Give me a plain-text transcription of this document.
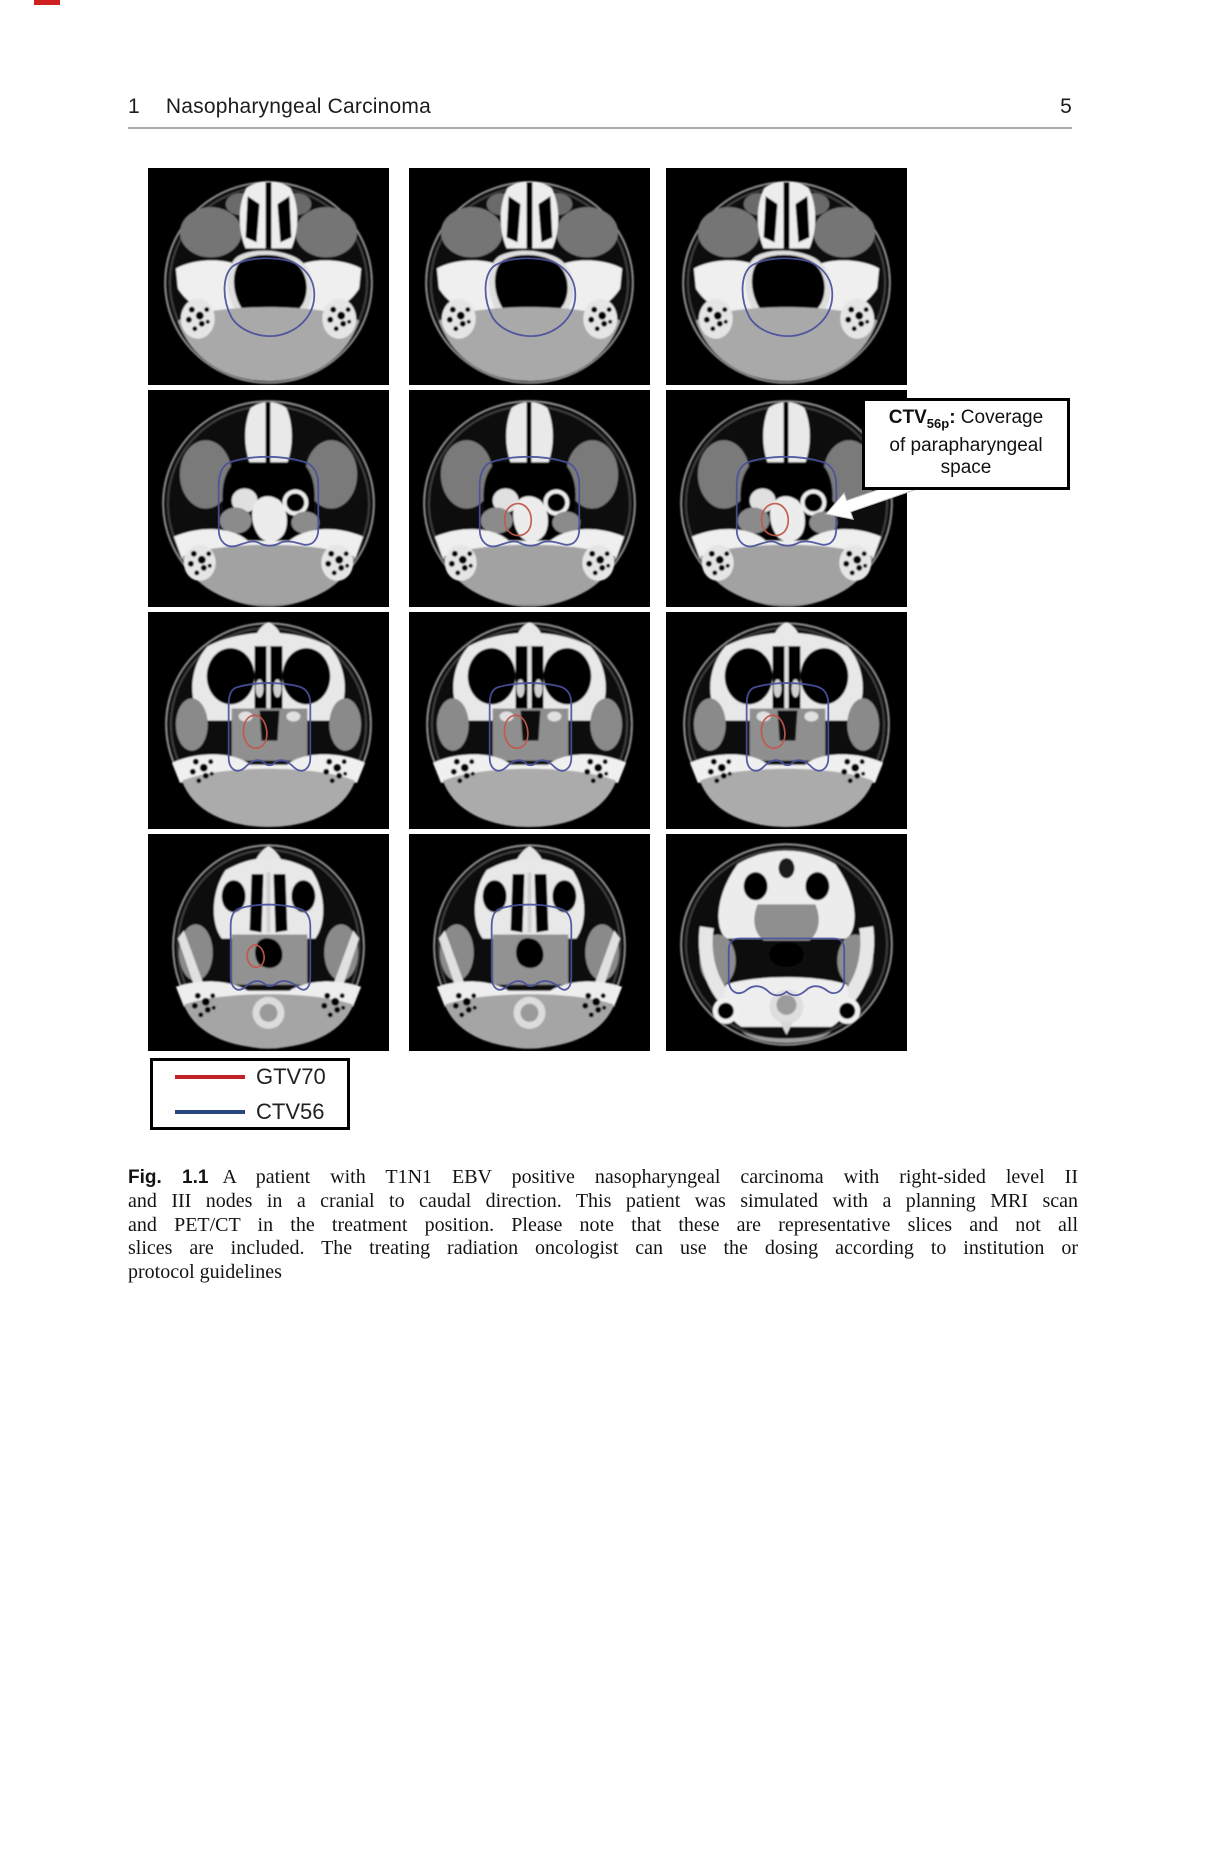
1 Nasopharyngeal Carcinoma	5
$CTV_{56p}$: Coverage
of parapharyngeal
space
GTV70
CTV56
Fig. 1.1 A patient with T1N1 EBV positive nasopharyngeal carcinoma with right-sided level II
and III nodes in a cranial to caudal direction. This patient was simulated with a planning MRI scan
and PET/CT in the treatment position. Please note that these are representative slices and not all
slices are included. The treating radiation oncologist can use the dosing according to institution or
protocol guidelines
